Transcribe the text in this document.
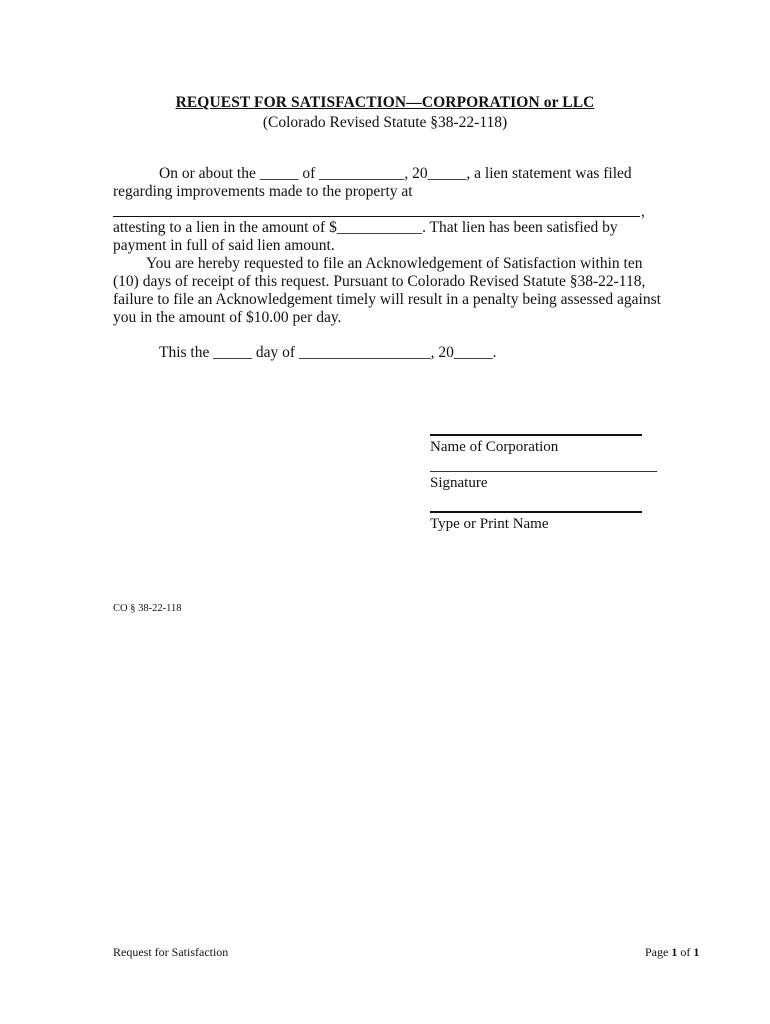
REQUEST FOR SATISFACTION—CORPORATION or LLC
(Colorado Revised Statute §38-22-118)
On or about the _____ of ___________, 20_____, a lien statement was filed
regarding improvements made to the property at
,
attesting to a lien in the amount of $___________. That lien has been satisfied by
payment in full of said lien amount.
You are hereby requested to file an Acknowledgement of Satisfaction within ten
(10) days of receipt of this request. Pursuant to Colorado Revised Statute §38-22-118,
failure to file an Acknowledgement timely will result in a penalty being assessed against
you in the amount of $10.00 per day.
This the _____ day of _________________, 20_____.
Name of Corporation
Signature
Type or Print Name
CO § 38-22-118
Request for Satisfaction	Page 1 of 1
